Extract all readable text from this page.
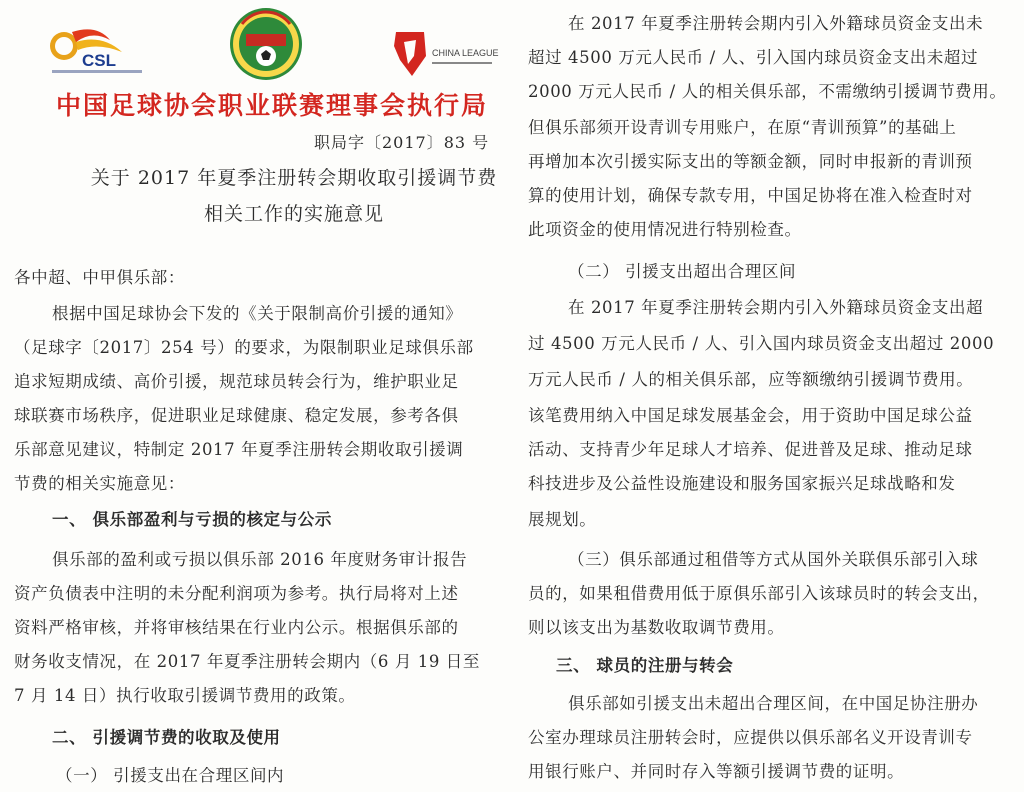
CSL	CHINA LEAGUE
中国足球协会职业联赛理事会执行局
职局字〔2017〕83 号
关于 2017 年夏季注册转会期收取引援调节费
相关工作的实施意见
各中超、中甲俱乐部：
根据中国足球协会下发的《关于限制高价引援的通知》
（足球字〔2017〕254 号）的要求，为限制职业足球俱乐部
追求短期成绩、高价引援，规范球员转会行为，维护职业足
球联赛市场秩序，促进职业足球健康、稳定发展，参考各俱
乐部意见建议，特制定 2017 年夏季注册转会期收取引援调
节费的相关实施意见：
一、 俱乐部盈利与亏损的核定与公示
俱乐部的盈利或亏损以俱乐部 2016 年度财务审计报告
资产负债表中注明的未分配利润项为参考。执行局将对上述
资料严格审核，并将审核结果在行业内公示。根据俱乐部的
财务收支情况，在 2017 年夏季注册转会期内（6 月 19 日至
7 月 14 日）执行收取引援调节费用的政策。
二、 引援调节费的收取及使用
（一） 引援支出在合理区间内
在 2017 年夏季注册转会期内引入外籍球员资金支出未
超过 4500 万元人民币 / 人、引入国内球员资金支出未超过
2000 万元人民币 / 人的相关俱乐部，不需缴纳引援调节费用。
但俱乐部须开设青训专用账户，在原“青训预算”的基础上
再增加本次引援实际支出的等额金额，同时申报新的青训预
算的使用计划，确保专款专用，中国足协将在准入检查时对
此项资金的使用情况进行特别检查。
（二） 引援支出超出合理区间
在 2017 年夏季注册转会期内引入外籍球员资金支出超
过 4500 万元人民币 / 人、引入国内球员资金支出超过 2000
万元人民币 / 人的相关俱乐部，应等额缴纳引援调节费用。
该笔费用纳入中国足球发展基金会，用于资助中国足球公益
活动、支持青少年足球人才培养、促进普及足球、推动足球
科技进步及公益性设施建设和服务国家振兴足球战略和发
展规划。
（三）俱乐部通过租借等方式从国外关联俱乐部引入球
员的，如果租借费用低于原俱乐部引入该球员时的转会支出，
则以该支出为基数收取调节费用。
三、 球员的注册与转会
俱乐部如引援支出未超出合理区间，在中国足协注册办
公室办理球员注册转会时，应提供以俱乐部名义开设青训专
用银行账户、并同时存入等额引援调节费的证明。
